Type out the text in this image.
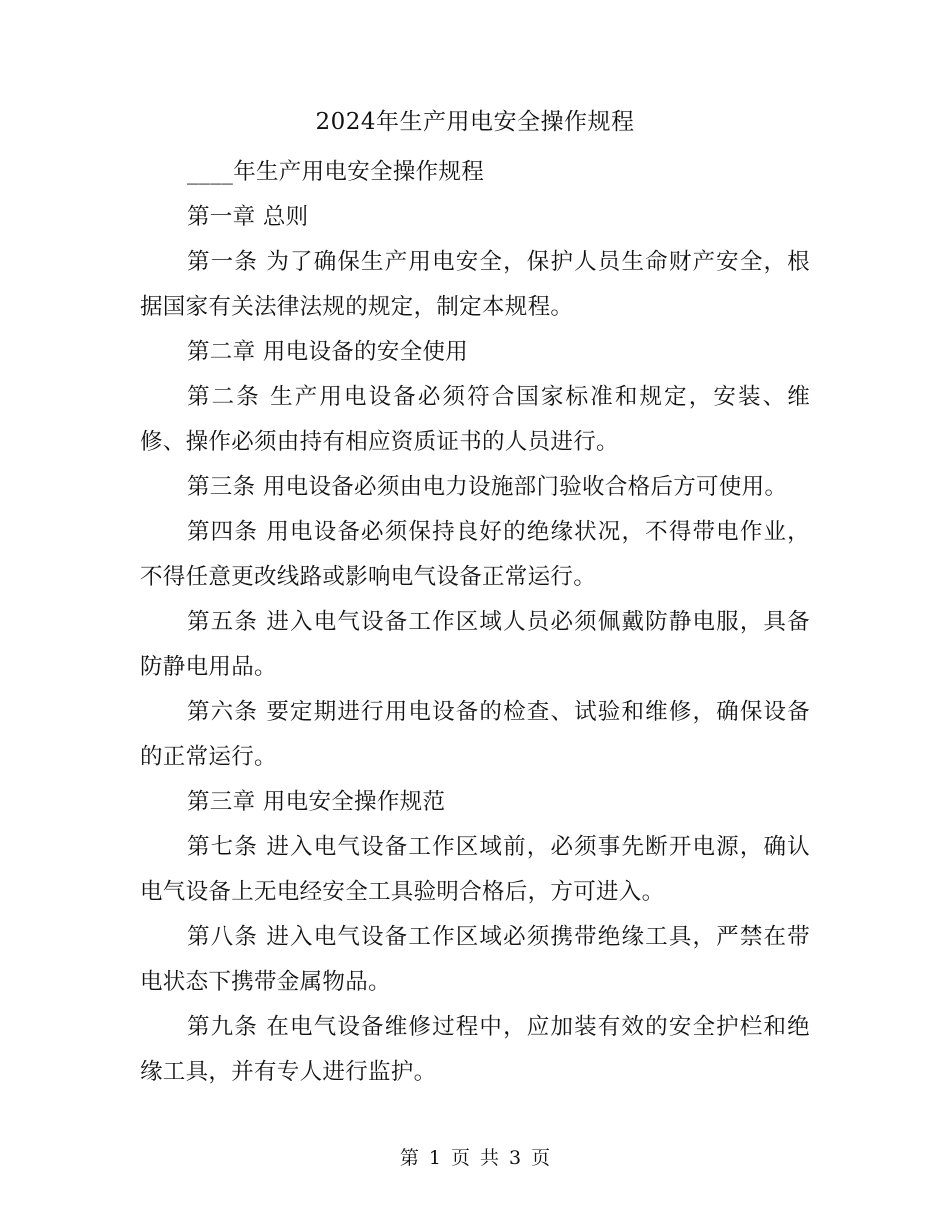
2024年生产用电安全操作规程

____年生产用电安全操作规程

第一章 总则

第一条 为了确保生产用电安全，保护人员生命财产安全，根据国家有关法律法规的规定，制定本规程。

第二章 用电设备的安全使用

第二条 生产用电设备必须符合国家标准和规定，安装、维修、操作必须由持有相应资质证书的人员进行。

第三条 用电设备必须由电力设施部门验收合格后方可使用。

第四条 用电设备必须保持良好的绝缘状况，不得带电作业，不得任意更改线路或影响电气设备正常运行。

第五条 进入电气设备工作区域人员必须佩戴防静电服，具备防静电用品。

第六条 要定期进行用电设备的检查、试验和维修，确保设备的正常运行。

第三章 用电安全操作规范

第七条 进入电气设备工作区域前，必须事先断开电源，确认电气设备上无电经安全工具验明合格后，方可进入。

第八条 进入电气设备工作区域必须携带绝缘工具，严禁在带电状态下携带金属物品。

第九条 在电气设备维修过程中，应加装有效的安全护栏和绝缘工具，并有专人进行监护。

第 1 页 共 3 页
